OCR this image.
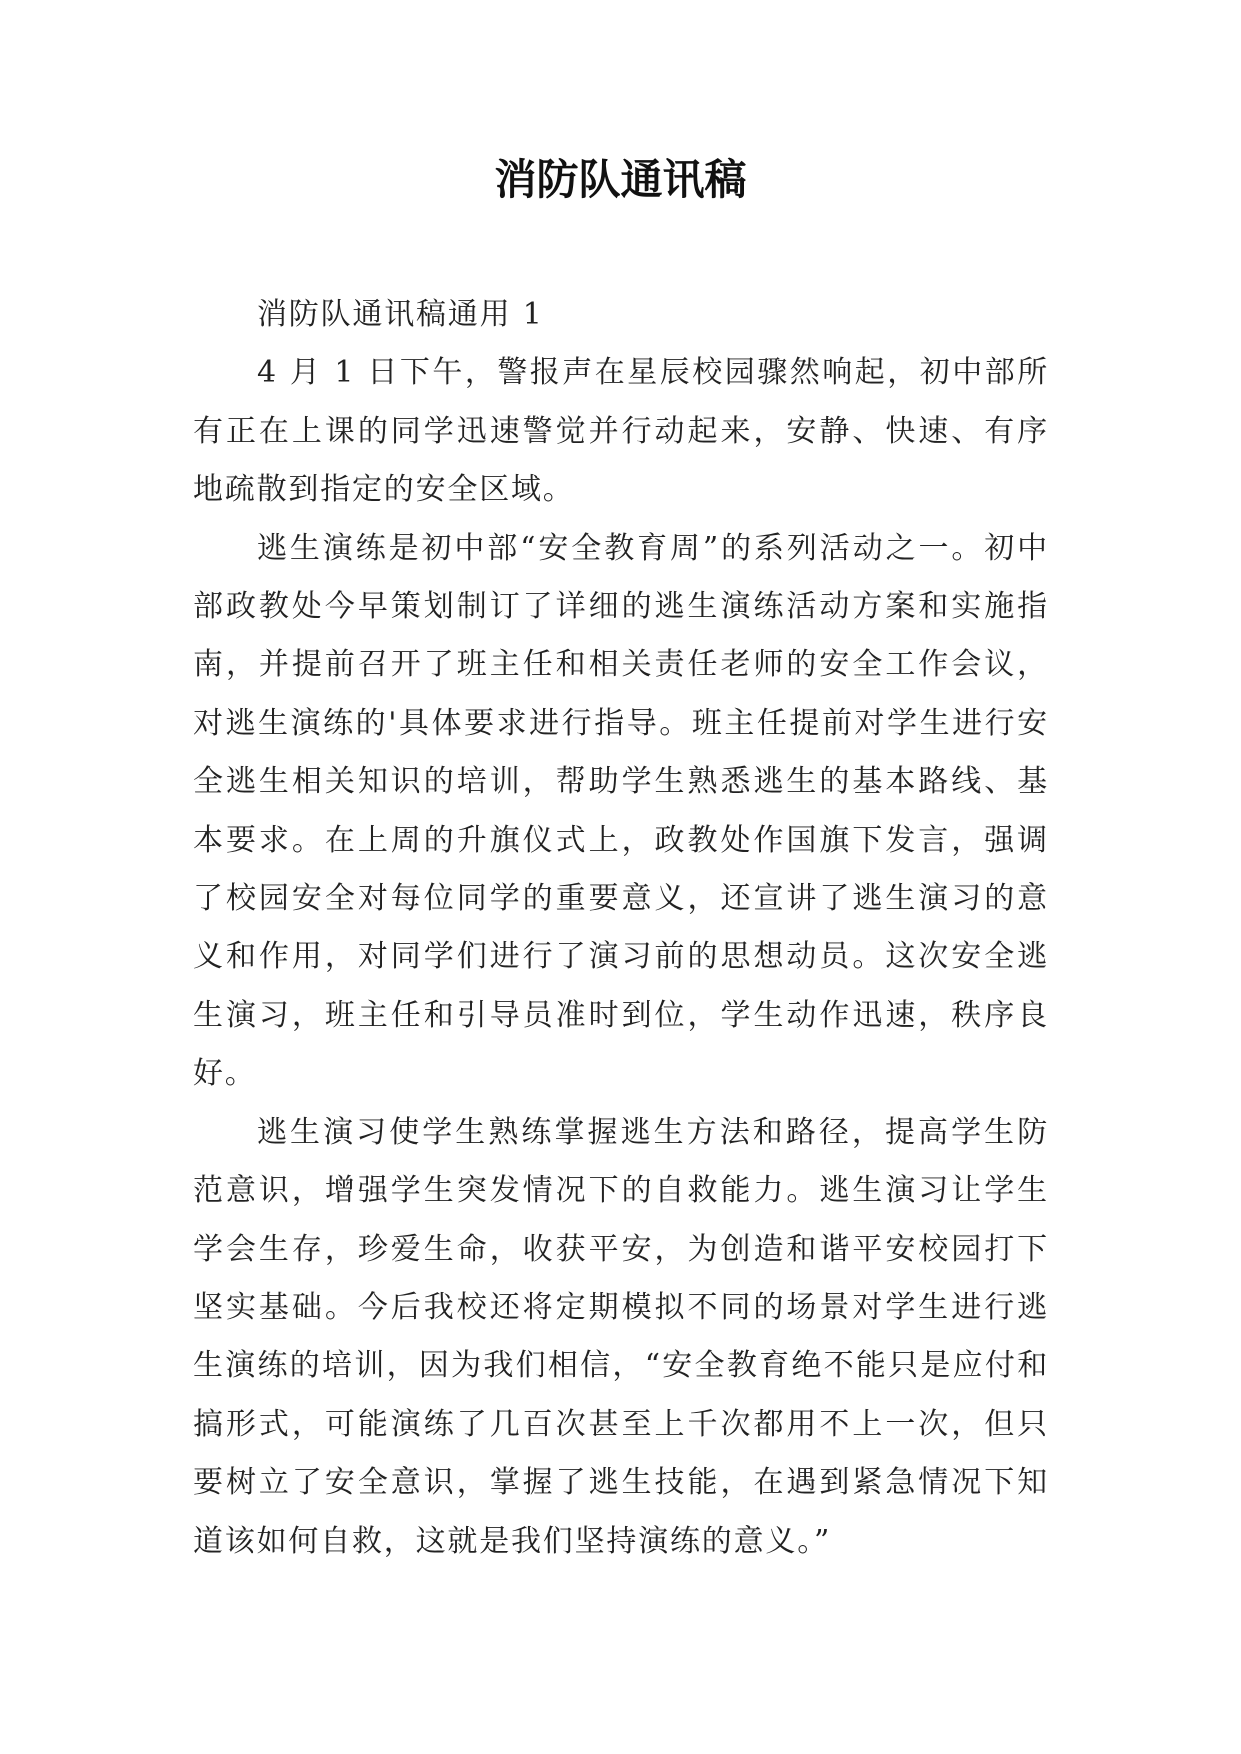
消防队通讯稿

消防队通讯稿通用 1

4 月 1 日下午，警报声在星辰校园骤然响起，初中部所有正在上课的同学迅速警觉并行动起来，安静、快速、有序地疏散到指定的安全区域。

逃生演练是初中部“安全教育周”的系列活动之一。初中部政教处今早策划制订了详细的逃生演练活动方案和实施指南，并提前召开了班主任和相关责任老师的安全工作会议，对逃生演练的'具体要求进行指导。班主任提前对学生进行安全逃生相关知识的培训，帮助学生熟悉逃生的基本路线、基本要求。在上周的升旗仪式上，政教处作国旗下发言，强调了校园安全对每位同学的重要意义，还宣讲了逃生演习的意义和作用，对同学们进行了演习前的思想动员。这次安全逃生演习，班主任和引导员准时到位，学生动作迅速，秩序良好。

逃生演习使学生熟练掌握逃生方法和路径，提高学生防范意识，增强学生突发情况下的自救能力。逃生演习让学生学会生存，珍爱生命，收获平安，为创造和谐平安校园打下坚实基础。今后我校还将定期模拟不同的场景对学生进行逃生演练的培训，因为我们相信，“安全教育绝不能只是应付和搞形式，可能演练了几百次甚至上千次都用不上一次，但只要树立了安全意识，掌握了逃生技能，在遇到紧急情况下知道该如何自救，这就是我们坚持演练的意义。”
